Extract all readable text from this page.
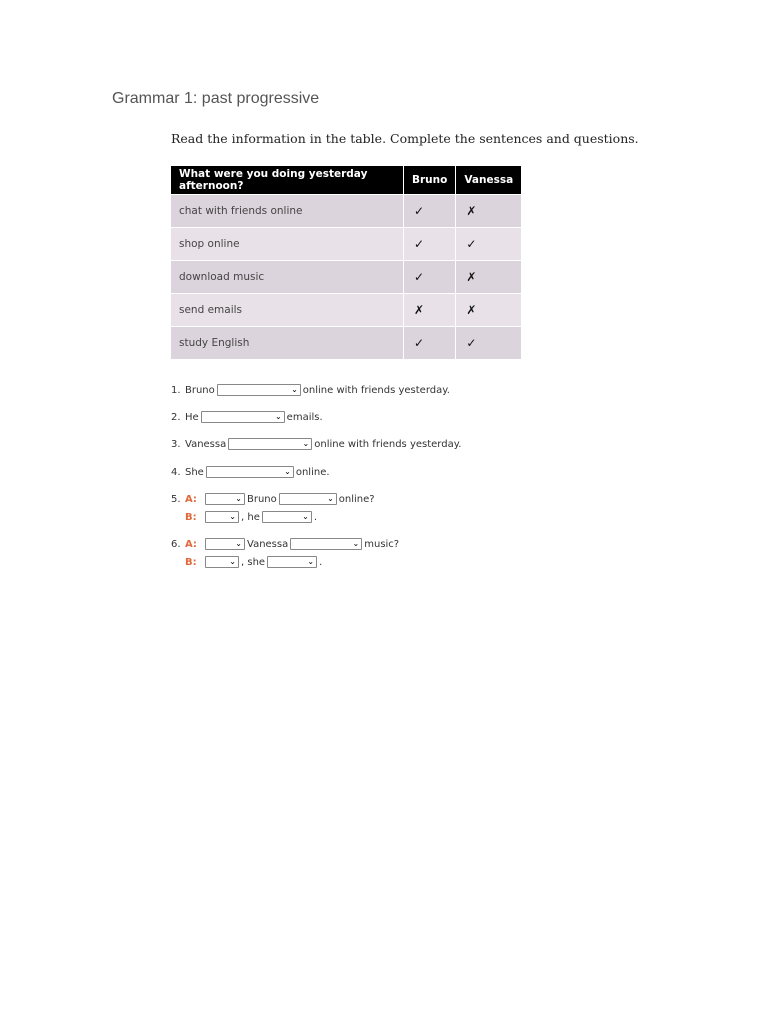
Grammar 1: past progressive
Read the information in the table. Complete the sentences and questions.
What were you doing yesterday afternoon?	Bruno	Vanessa
chat with friends online	✓	✗
shop online	✓	✓
download music	✓	✗
send emails	✗	✗
study English	✓	✓
1. Bruno	⌄ online with friends yesterday.
2. He	⌄ emails.
3. Vanessa	⌄ online with friends yesterday.
4. She	⌄ online.
5. A:	⌄ Bruno	⌄ online?
B:	⌄ , he	⌄ .
6. A:	⌄ Vanessa	⌄ music?
B:	⌄ , she	⌄ .
